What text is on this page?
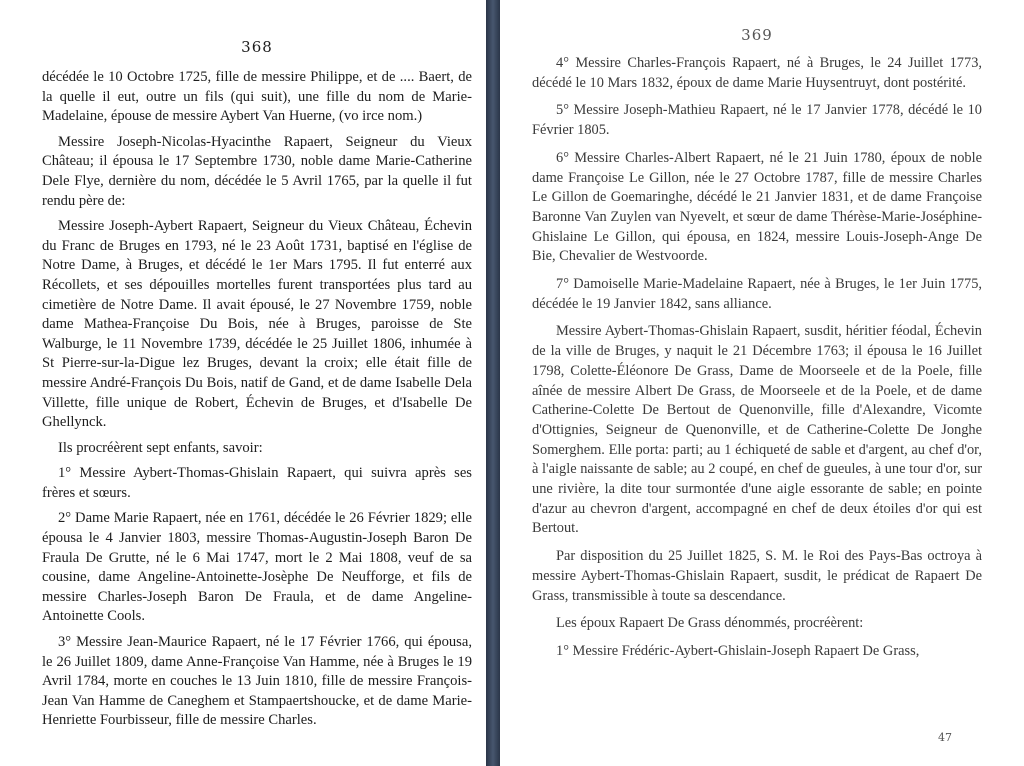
368

décédée le 10 Octobre 1725, fille de messire Philippe, et de .... Baert, de la quelle il eut, outre un fils (qui suit), une fille du nom de Marie-Madelaine, épouse de messire Aybert Van Huerne, (vo irce nom.)

Messire Joseph-Nicolas-Hyacinthe Rapaert, Seigneur du Vieux Château; il épousa le 17 Septembre 1730, noble dame Marie-Catherine Dele Flye, dernière du nom, décédée le 5 Avril 1765, par la quelle il fut rendu père de:

Messire Joseph-Aybert Rapaert, Seigneur du Vieux Château, Échevin du Franc de Bruges en 1793, né le 23 Août 1731, baptisé en l'église de Notre Dame, à Bruges, et décédé le 1er Mars 1795. Il fut enterré aux Récollets, et ses dépouilles mortelles furent transportées plus tard au cimetière de Notre Dame. Il avait épousé, le 27 Novembre 1759, noble dame Mathea-Françoise Du Bois, née à Bruges, paroisse de Ste Walburge, le 11 Novembre 1739, décédée le 25 Juillet 1806, inhumée à St Pierre-sur-la-Digue lez Bruges, devant la croix; elle était fille de messire André-François Du Bois, natif de Gand, et de dame Isabelle Dela Villette, fille unique de Robert, Échevin de Bruges, et d'Isabelle De Ghellynck.

Ils procréèrent sept enfants, savoir:

1° Messire Aybert-Thomas-Ghislain Rapaert, qui suivra après ses frères et sœurs.

2° Dame Marie Rapaert, née en 1761, décédée le 26 Février 1829; elle épousa le 4 Janvier 1803, messire Thomas-Augustin-Joseph Baron De Fraula De Grutte, né le 6 Mai 1747, mort le 2 Mai 1808, veuf de sa cousine, dame Angeline-Antoinette-Josèphe De Neufforge, et fils de messire Charles-Joseph Baron De Fraula, et de dame Angeline-Antoinette Cools.

3° Messire Jean-Maurice Rapaert, né le 17 Février 1766, qui épousa, le 26 Juillet 1809, dame Anne-Françoise Van Hamme, née à Bruges le 19 Avril 1784, morte en couches le 13 Juin 1810, fille de messire François-Jean Van Hamme de Caneghem et Stampaertshoucke, et de dame Marie-Henriette Fourbisseur, fille de messire Charles.

369

4° Messire Charles-François Rapaert, né à Bruges, le 24 Juillet 1773, décédé le 10 Mars 1832, époux de dame Marie Huysentruyt, dont postérité.

5° Messire Joseph-Mathieu Rapaert, né le 17 Janvier 1778, décédé le 10 Février 1805.

6° Messire Charles-Albert Rapaert, né le 21 Juin 1780, époux de noble dame Françoise Le Gillon, née le 27 Octobre 1787, fille de messire Charles Le Gillon de Goemaringhe, décédé le 21 Janvier 1831, et de dame Françoise Baronne Van Zuylen van Nyevelt, et sœur de dame Thérèse-Marie-Joséphine-Ghislaine Le Gillon, qui épousa, en 1824, messire Louis-Joseph-Ange De Bie, Chevalier de Westvoorde.

7° Damoiselle Marie-Madelaine Rapaert, née à Bruges, le 1er Juin 1775, décédée le 19 Janvier 1842, sans alliance.

Messire Aybert-Thomas-Ghislain Rapaert, susdit, héritier féodal, Échevin de la ville de Bruges, y naquit le 21 Décembre 1763; il épousa le 16 Juillet 1798, Colette-Éléonore De Grass, Dame de Moorseele et de la Poele, fille aînée de messire Albert De Grass, de Moorseele et de la Poele, et de dame Catherine-Colette De Bertout de Quenonville, fille d'Alexandre, Vicomte d'Ottignies, Seigneur de Quenonville, et de Catherine-Colette De Jonghe Somerghem. Elle porta: parti; au 1 échiqueté de sable et d'argent, au chef d'or, à l'aigle naissante de sable; au 2 coupé, en chef de gueules, à une tour d'or, sur une rivière, la dite tour surmontée d'une aigle essorante de sable; en pointe d'azur au chevron d'argent, accompagné en chef de deux étoiles d'or qui est Bertout.

Par disposition du 25 Juillet 1825, S. M. le Roi des Pays-Bas octroya à messire Aybert-Thomas-Ghislain Rapaert, susdit, le prédicat de Rapaert De Grass, transmissible à toute sa descendance.

Les époux Rapaert De Grass dénommés, procréèrent:

1° Messire Frédéric-Aybert-Ghislain-Joseph Rapaert De Grass,

47
